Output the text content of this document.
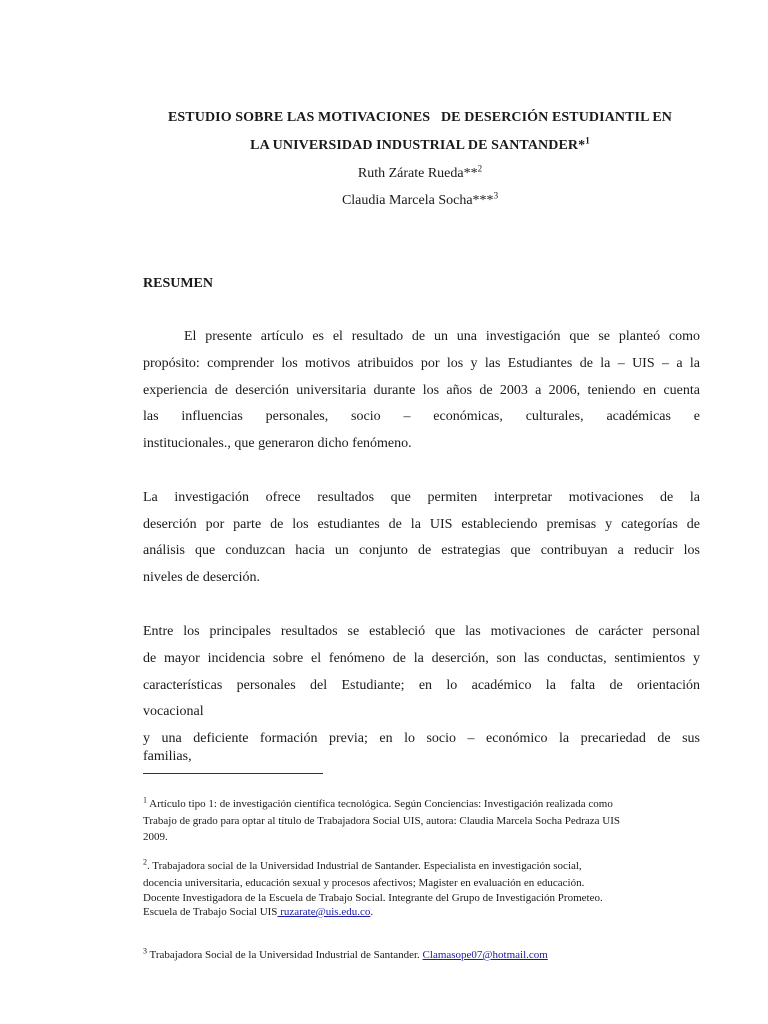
ESTUDIO SOBRE LAS MOTIVACIONES   DE DESERCIÓN ESTUDIANTIL EN
LA UNIVERSIDAD INDUSTRIAL DE SANTANDER*$^1$
Ruth Zárate Rueda**$^2$
Claudia Marcela Socha***$^3$
RESUMEN
El presente artículo es el resultado de un una investigación que se planteó como
propósito: comprender los motivos atribuidos por los y las Estudiantes de la – UIS – a la
experiencia de deserción universitaria durante los años de 2003 a 2006, teniendo en cuenta
las influencias personales, socio – económicas, culturales, académicas e
institucionales., que generaron dicho fenómeno.
La investigación ofrece resultados que permiten interpretar motivaciones de la
deserción por parte de los estudiantes de la UIS estableciendo premisas y categorías de
análisis que conduzcan hacia un conjunto de estrategias que contribuyan a reducir los
niveles de deserción.
Entre los principales resultados se estableció que las motivaciones de carácter personal
de mayor incidencia sobre el fenómeno de la deserción, son las conductas, sentimientos y
características personales del Estudiante; en lo académico la falta de orientación
vocacional
y una deficiente formación previa; en lo socio – económico la precariedad de sus
familias,
$^1$ Artículo tipo 1: de investigación científica tecnológica. Según Conciencias: Investigación realizada como
Trabajo de grado para optar al título de Trabajadora Social UIS, autora: Claudia Marcela Socha Pedraza UIS
2009.
$^2$. Trabajadora social de la Universidad Industrial de Santander. Especialista en investigación social,
docencia universitaria, educación sexual y procesos afectivos; Magister en evaluación en educación.
Docente Investigadora de la Escuela de Trabajo Social. Integrante del Grupo de Investigación Prometeo.
Escuela de Trabajo Social UIS ruzarate@uis.edu.co.
$^3$ Trabajadora Social de la Universidad Industrial de Santander. Clamasope07@hotmail.com
